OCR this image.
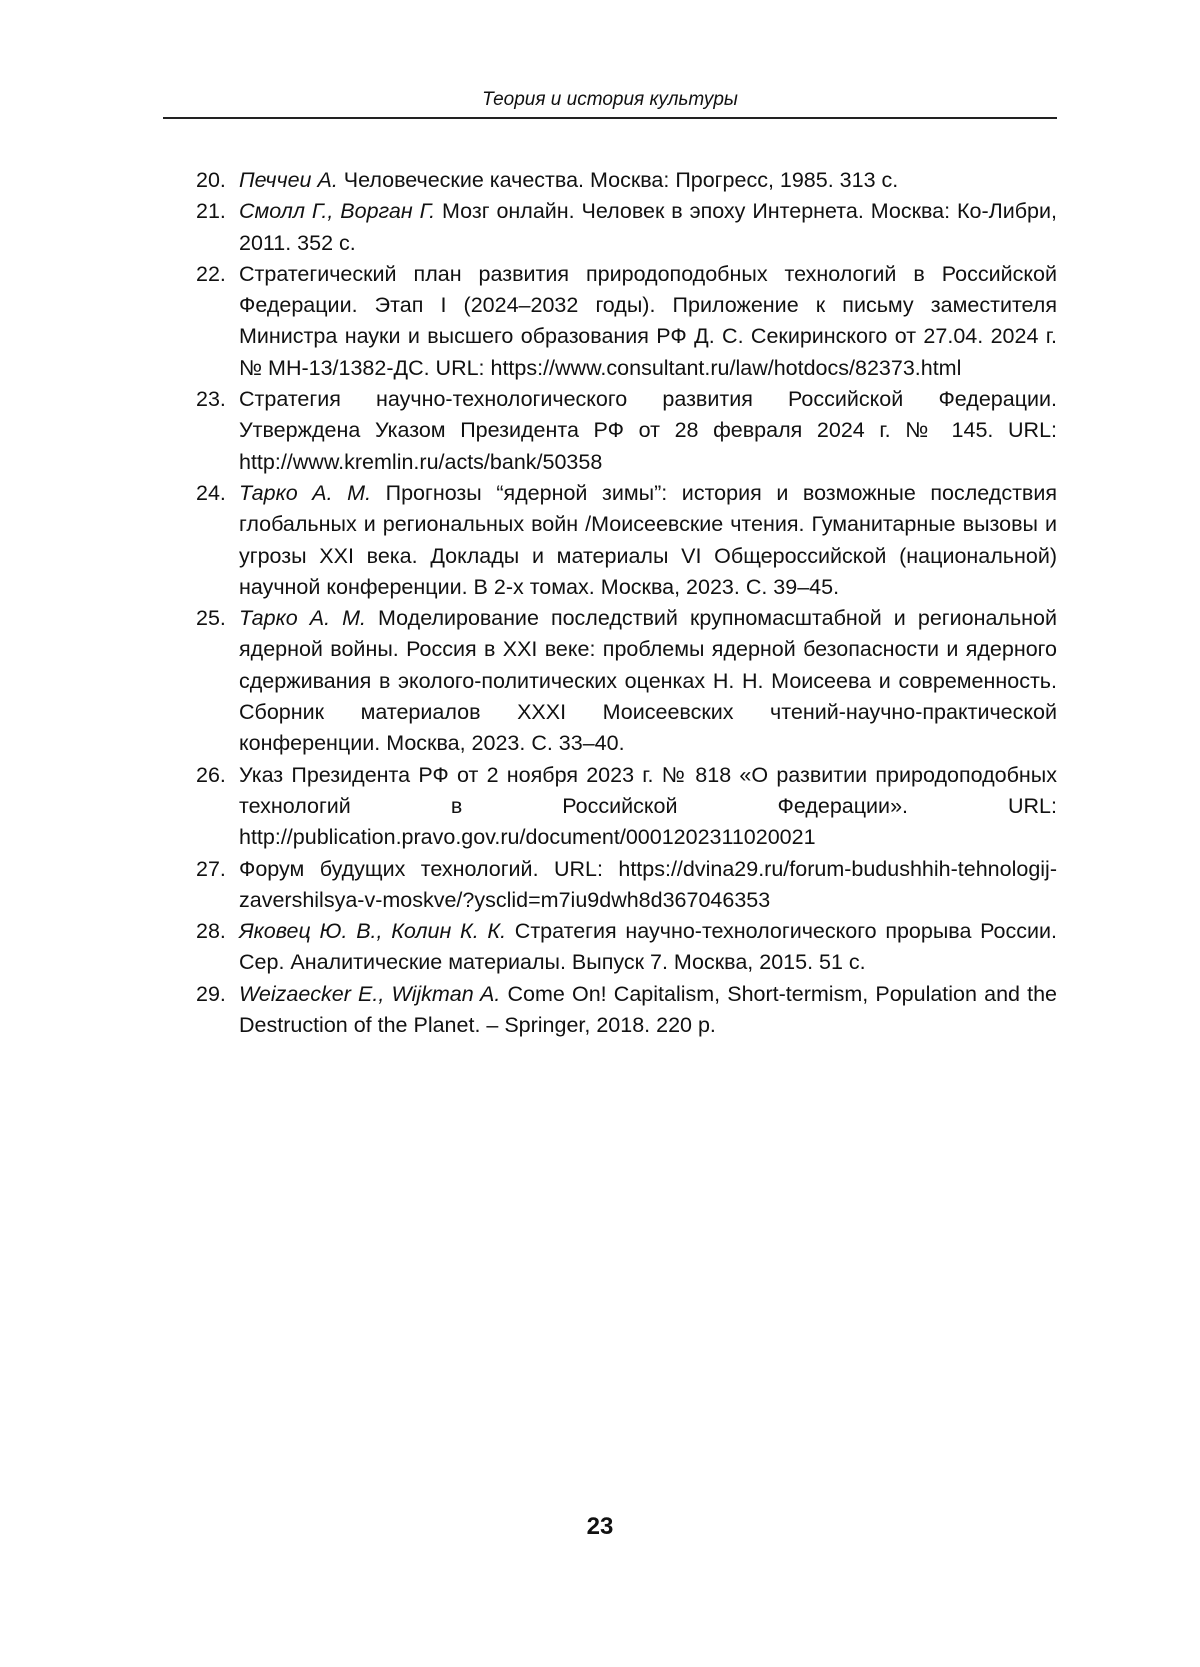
Теория и история культуры
20. Печчеи А. Человеческие качества. Москва: Прогресс, 1985. 313 с.
21. Смолл Г., Ворган Г. Мозг онлайн. Человек в эпоху Интернета. Москва: Ко-Либри, 2011. 352 с.
22. Стратегический план развития природоподобных технологий в Российской Федерации. Этап I (2024–2032 годы). Приложение к письму заместителя Министра науки и высшего образования РФ Д. С. Секиринского от 27.04. 2024 г. № МН-13/1382-ДС. URL: https://www.consultant.ru/law/hotdocs/82373.html
23. Стратегия научно-технологического развития Российской Федерации. Утверждена Указом Президента РФ от 28 февраля 2024 г. № 145. URL: http://www.kremlin.ru/acts/bank/50358
24. Тарко А. М. Прогнозы “ядерной зимы”: история и возможные последствия глобальных и региональных войн /Моисеевские чтения. Гуманитарные вызовы и угрозы XXI века. Доклады и материалы VI Общероссийской (национальной) научной конференции. В 2-х томах. Москва, 2023. С. 39–45.
25. Тарко А. М. Моделирование последствий крупномасштабной и региональной ядерной войны. Россия в XXI веке: проблемы ядерной безопасности и ядерного сдерживания в эколого-политических оценках Н. Н. Моисеева и современность. Сборник материалов XXXI Моисеевских чтений-научно-практической конференции. Москва, 2023. С. 33–40.
26. Указ Президента РФ от 2 ноября 2023 г. № 818 «О развитии природоподобных технологий в Российской Федерации». URL: http://publication.pravo.gov.ru/document/0001202311020021
27. Форум будущих технологий. URL: https://dvina29.ru/forum-budushhih-tehnologij-zavershilsya-v-moskve/?ysclid=m7iu9dwh8d367046353
28. Яковец Ю. В., Колин К. К. Стратегия научно-технологического прорыва России. Сер. Аналитические материалы. Выпуск 7. Москва, 2015. 51 с.
29. Weizaecker E., Wijkman A. Come On! Capitalism, Short-termism, Population and the Destruction of the Planet. – Springer, 2018. 220 р.
23
